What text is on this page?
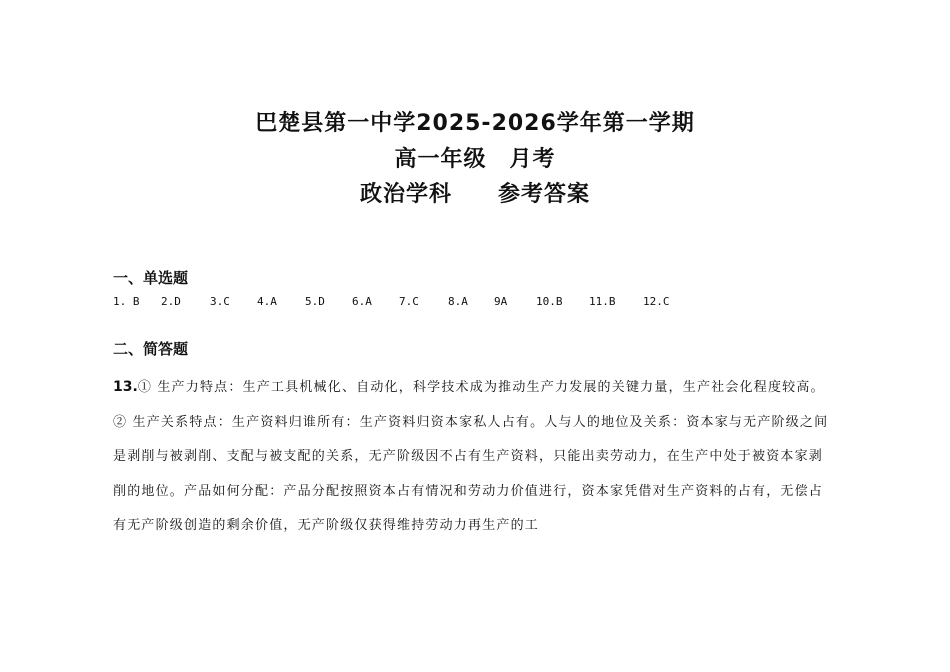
巴楚县第一中学2025-2026学年第一学期
高一年级　月考
政治学科　　参考答案
一、单选题
1. B 2.D	3.C 4.A	5.D 6.A 7.C	8.A 9A	10.B 11.B	12.C
二、简答题

13.① 生产力特点：生产工具机械化、自动化，科学技术成为推动生产力发展的关键力量，生产社会化程度较高。

② 生产关系特点：生产资料归谁所有：生产资料归资本家私人占有。人与人的地位及关系：资本家与无产阶级之间是剥削与被剥削、支配与被支配的关系，无产阶级因不占有生产资料，只能出卖劳动力，在生产中处于被资本家剥削的地位。产品如何分配：产品分配按照资本占有情况和劳动力价值进行，资本家凭借对生产资料的占有，无偿占有无产阶级创造的剩余价值，无产阶级仅获得维持劳动力再生产的工
